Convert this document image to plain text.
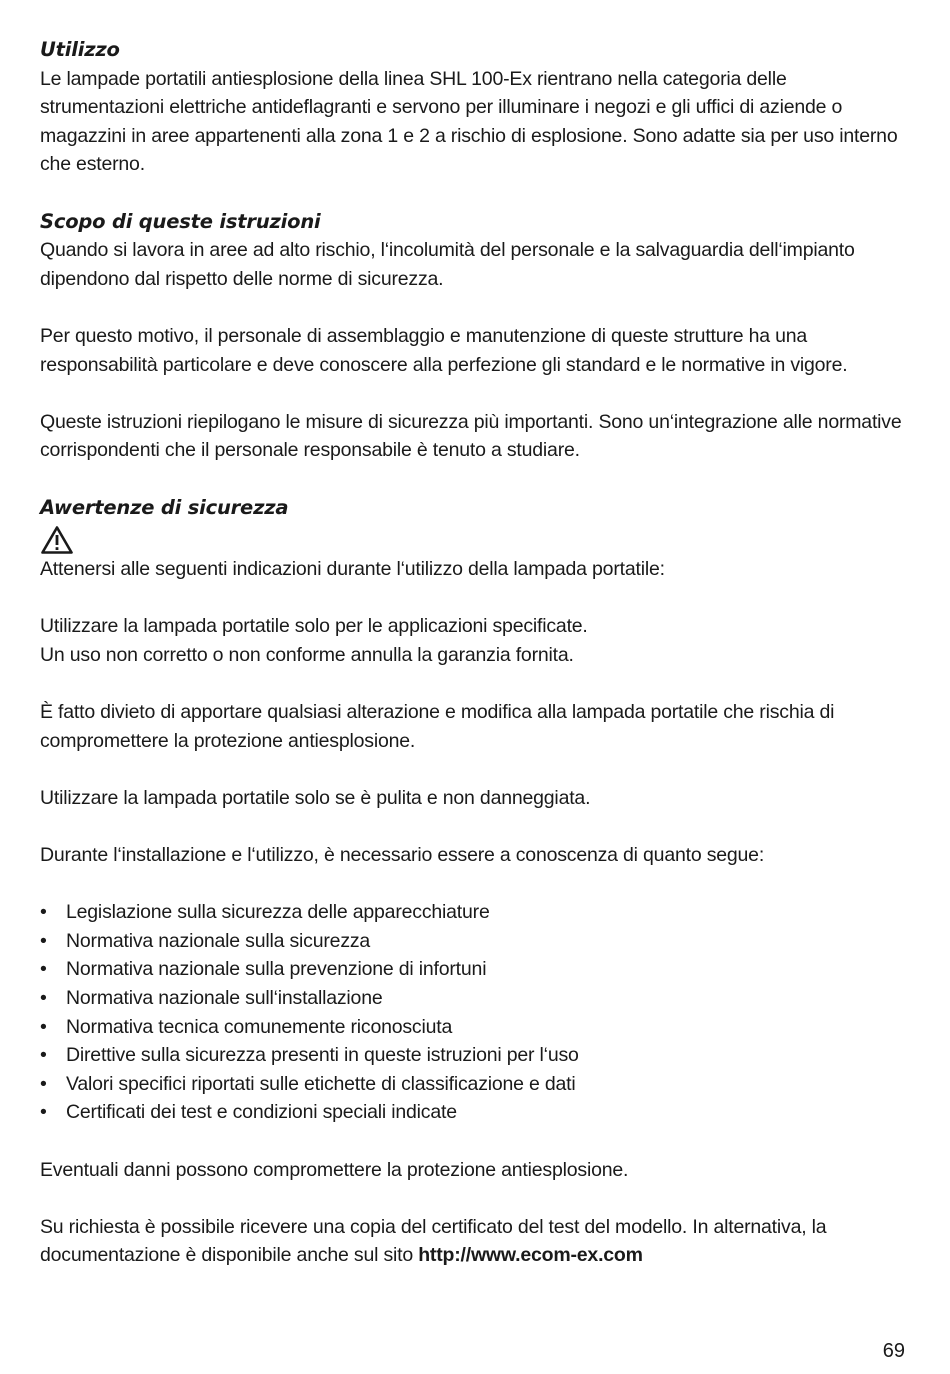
Utilizzo

Le lampade portatili antiesplosione della linea SHL 100-Ex rientrano nella categoria delle strumentazioni elettriche antideflagranti e servono per illuminare i negozi e gli uffici di aziende o magazzini in aree appartenenti alla zona 1 e 2 a rischio di esplosione. Sono adatte sia per uso interno che esterno.

Scopo di queste istruzioni

Quando si lavora in aree ad alto rischio, l‘incolumità del personale e la salvaguardia dell‘impianto dipendono dal rispetto delle norme di sicurezza.

Per questo motivo, il personale di assemblaggio e manutenzione di queste strutture ha una responsabilità particolare e deve conoscere alla perfezione gli standard e le normative in vigore.

Queste istruzioni riepilogano le misure di sicurezza più importanti. Sono un‘integrazione alle normative corrispondenti che il personale responsabile è tenuto a studiare.

Awertenze di sicurezza

Attenersi alle seguenti indicazioni durante l‘utilizzo della lampada portatile:

Utilizzare la lampada portatile solo per le applicazioni specificate.

Un uso non corretto o non conforme annulla la garanzia fornita.

È fatto divieto di apportare qualsiasi alterazione e modifica alla lampada portatile che rischia di compromettere la protezione antiesplosione.

Utilizzare la lampada portatile solo se è pulita e non danneggiata.

Durante l‘installazione e l‘utilizzo, è necessario essere a conoscenza di quanto segue:

• Legislazione sulla sicurezza delle apparecchiature
• Normativa nazionale sulla sicurezza
• Normativa nazionale sulla prevenzione di infortuni
• Normativa nazionale sull‘installazione
• Normativa tecnica comunemente riconosciuta
• Direttive sulla sicurezza presenti in queste istruzioni per l‘uso
• Valori specifici riportati sulle etichette di classificazione e dati
• Certificati dei test e condizioni speciali indicate

Eventuali danni possono compromettere la protezione antiesplosione.

Su richiesta è possibile ricevere una copia del certificato del test del modello. In alternativa, la documentazione è disponibile anche sul sito http://www.ecom-ex.com

69
